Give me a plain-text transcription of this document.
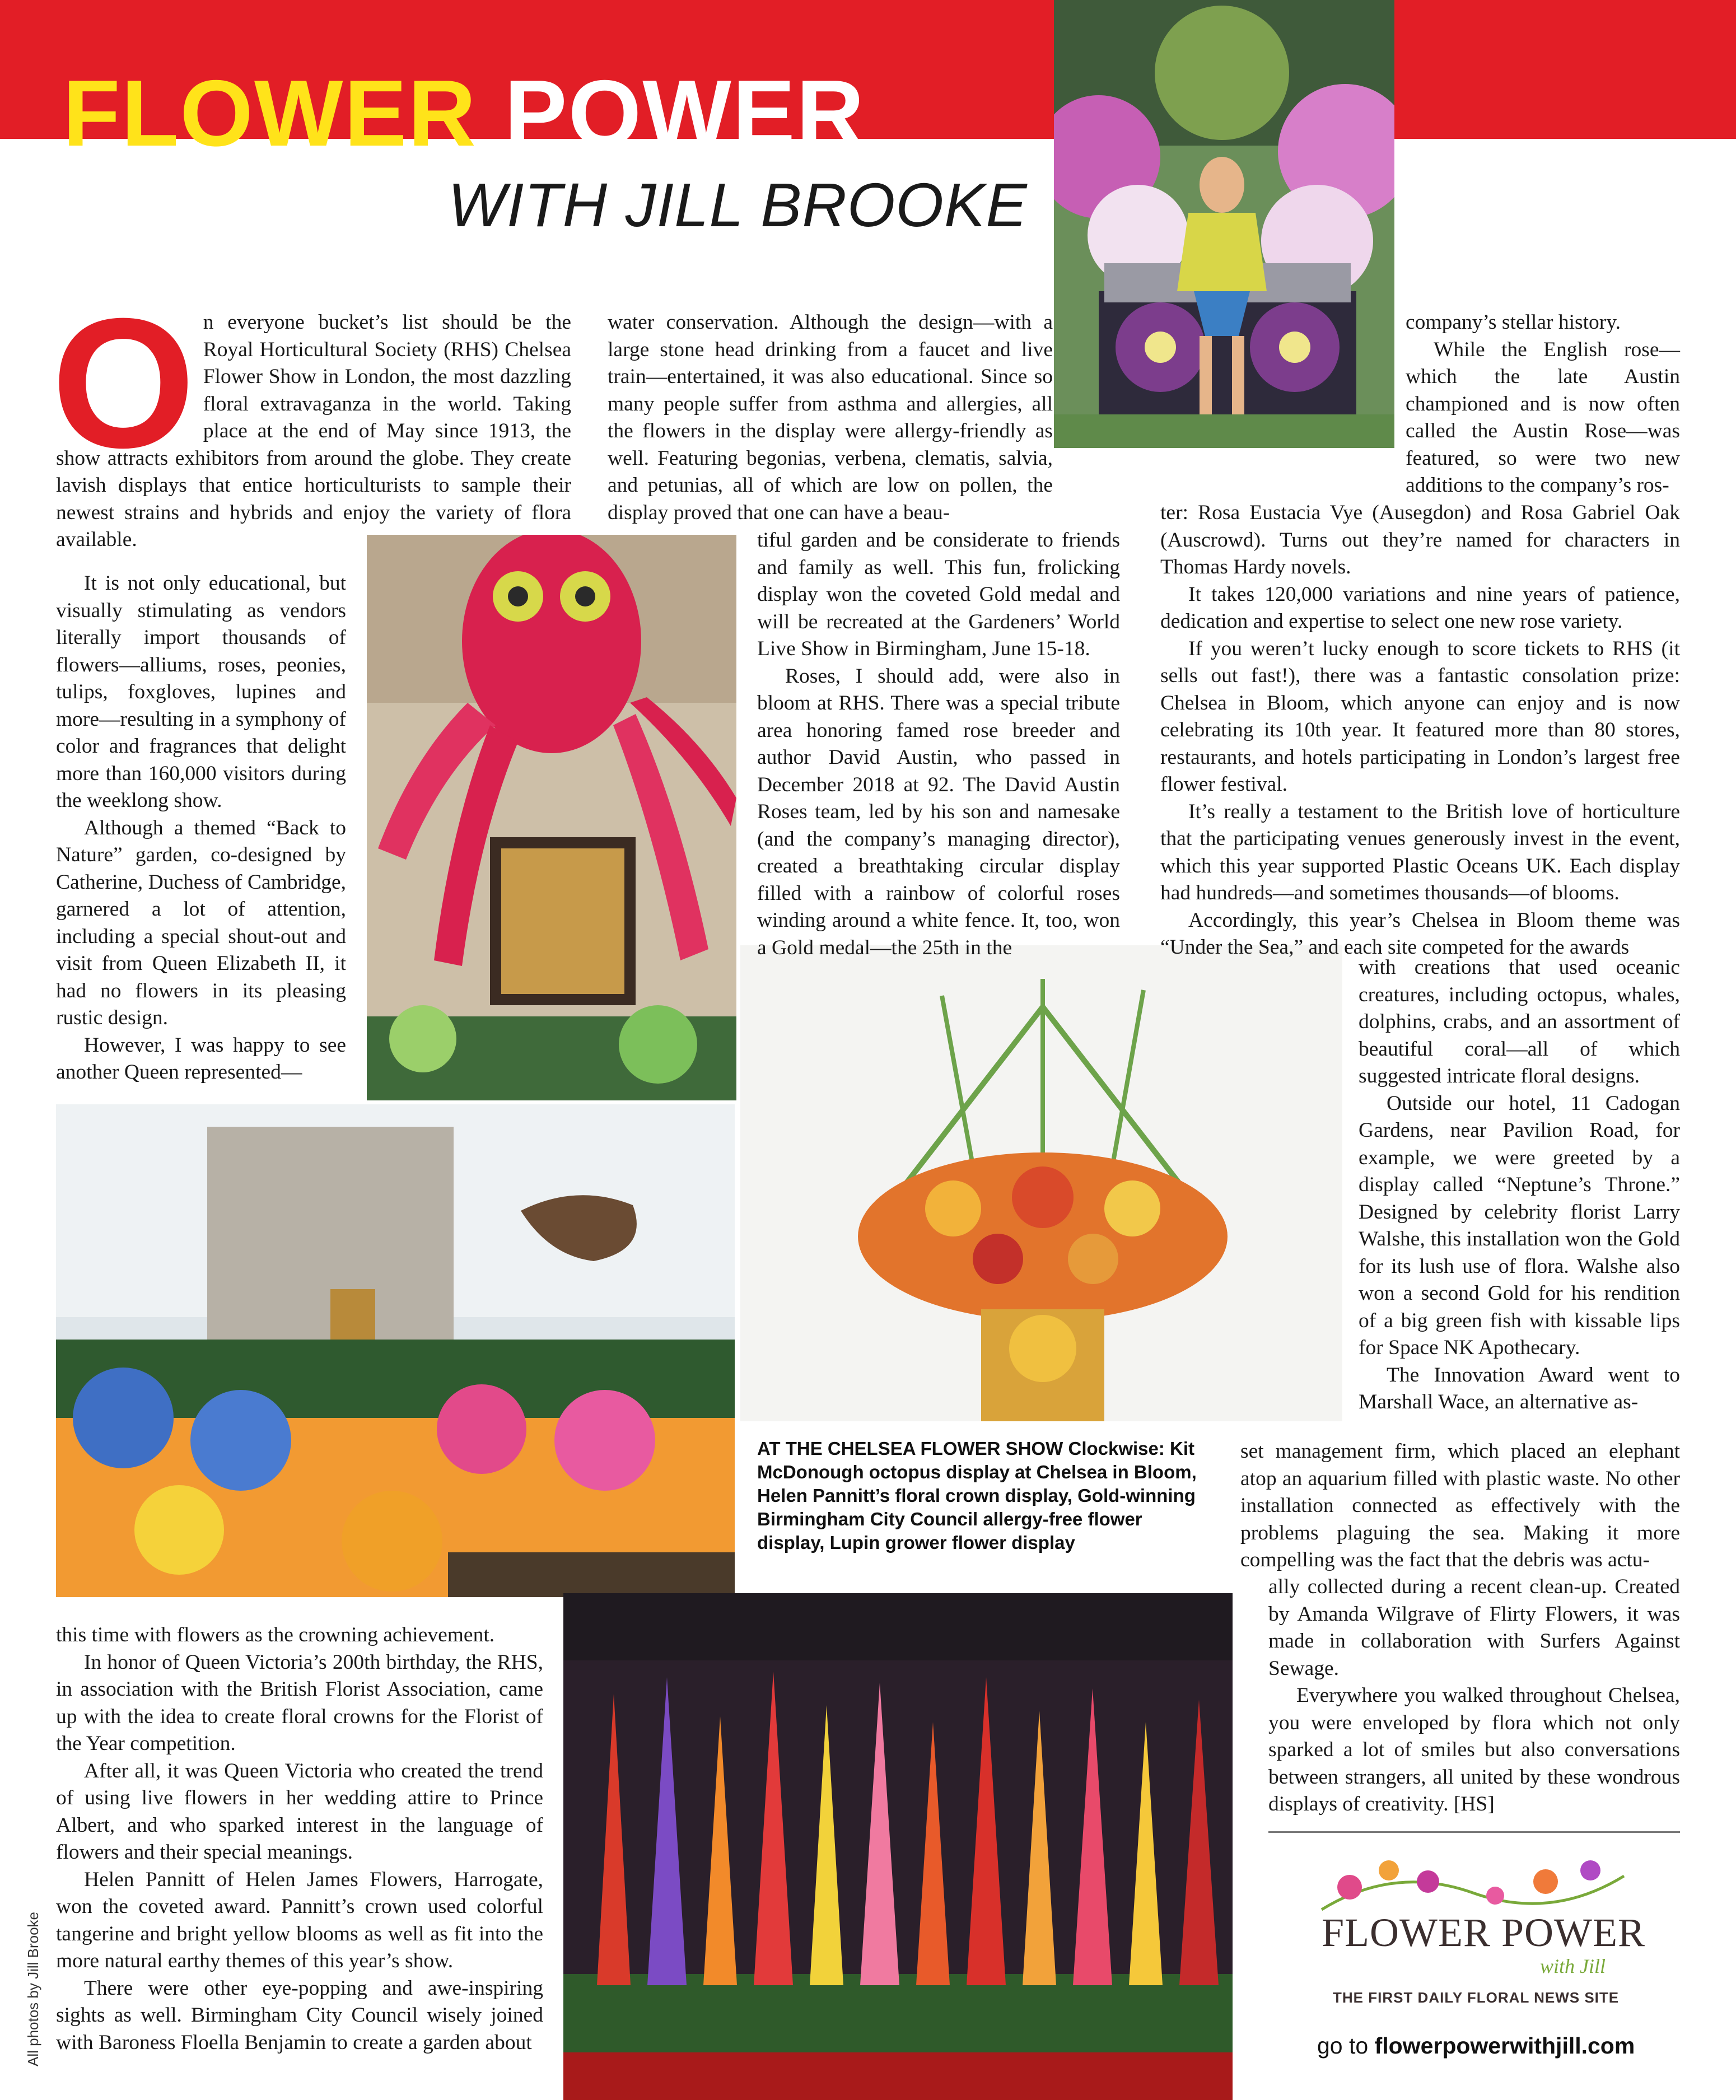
FLOWER POWER
WITH JILL BROOKE

On everyone bucket’s list should be the Royal Horticultural Society (RHS) Chelsea Flower Show in London, the most dazzling floral extravaganza in the world. Taking place at the end of May since 1913, the show attracts exhibitors from around the globe. They create lavish displays that entice horticulturists to sample their newest strains and hybrids and enjoy the variety of flora available.

It is not only educational, but visually stimulating as vendors literally import thousands of flowers—alliums, roses, peonies, tulips, foxgloves, lupines and more—resulting in a symphony of color and fragrances that delight more than 160,000 visitors during the weeklong show.

Although a themed “Back to Nature” garden, co-designed by Catherine, Duchess of Cambridge, garnered a lot of attention, including a special shout-out and visit from Queen Elizabeth II, it had no flowers in its pleasing rustic design.

However, I was happy to see another Queen represented—

this time with flowers as the crowning achievement.

In honor of Queen Victoria’s 200th birthday, the RHS, in association with the British Florist Association, came up with the idea to create floral crowns for the Florist of the Year competition.

After all, it was Queen Victoria who created the trend of using live flowers in her wedding attire to Prince Albert, and who sparked interest in the language of flowers and their special meanings.

Helen Pannitt of Helen James Flowers, Harrogate, won the coveted award. Pannitt’s crown used colorful tangerine and bright yellow blooms as well as fit into the more natural earthy themes of this year’s show.

There were other eye-popping and awe-inspiring sights as well. Birmingham City Council wisely joined with Baroness Floella Benjamin to create a garden about

water conservation. Although the design—with a large stone head drinking from a faucet and live train—entertained, it was also educational. Since so many people suffer from asthma and allergies, all the flowers in the display were allergy-friendly as well. Featuring begonias, verbena, clematis, salvia, and petunias, all of which are low on pollen, the display proved that one can have a beau-

tiful garden and be considerate to friends and family as well. This fun, frolicking display won the coveted Gold medal and will be recreated at the Gardeners’ World Live Show in Birmingham, June 15-18.

Roses, I should add, were also in bloom at RHS. There was a special tribute area honoring famed rose breeder and author David Austin, who passed in December 2018 at 92. The David Austin Roses team, led by his son and namesake (and the company’s managing director), created a breathtaking circular display filled with a rainbow of colorful roses winding around a white fence. It, too, won a Gold medal—the 25th in the

company’s stellar history.

While the English rose—which the late Austin championed and is now often called the Austin Rose—was featured, so were two new additions to the company’s ros-

ter: Rosa Eustacia Vye (Ausegdon) and Rosa Gabriel Oak (Auscrowd). Turns out they’re named for characters in Thomas Hardy novels.

It takes 120,000 variations and nine years of patience, dedication and expertise to select one new rose variety.

If you weren’t lucky enough to score tickets to RHS (it sells out fast!), there was a fantastic consolation prize: Chelsea in Bloom, which anyone can enjoy and is now celebrating its 10th year. It featured more than 80 stores, restaurants, and hotels participating in London’s largest free flower festival.

It’s really a testament to the British love of horticulture that the participating venues generously invest in the event, which this year supported Plastic Oceans UK. Each display had hundreds—and sometimes thousands—of blooms.

Accordingly, this year’s Chelsea in Bloom theme was “Under the Sea,” and each site competed for the awards

with creations that used oceanic creatures, including octopus, whales, dolphins, crabs, and an assortment of beautiful coral—all of which suggested intricate floral designs.

Outside our hotel, 11 Cadogan Gardens, near Pavilion Road, for example, we were greeted by a display called “Neptune’s Throne.” Designed by celebrity florist Larry Walshe, this installation won the Gold for its lush use of flora. Walshe also won a second Gold for his rendition of a big green fish with kissable lips for Space NK Apothecary.

The Innovation Award went to Marshall Wace, an alternative as-

set management firm, which placed an elephant atop an aquarium filled with plastic waste. No other installation connected as effectively with the problems plaguing the sea. Making it more compelling was the fact that the debris was actu-

ally collected during a recent clean-up. Created by Amanda Wilgrave of Flirty Flowers, it was made in collaboration with Surfers Against Sewage.

Everywhere you walked throughout Chelsea, you were enveloped by flora which not only sparked a lot of smiles but also conversations between strangers, all united by these wondrous displays of creativity. [HS]

AT THE CHELSEA FLOWER SHOW Clockwise: Kit McDonough octopus display at Chelsea in Bloom, Helen Pannitt’s floral crown display, Gold-winning Birmingham City Council allergy-free flower display, Lupin grower flower display
FLOWER POWER
with Jill
THE FIRST DAILY FLORAL NEWS SITE
go to flowerpowerwithjill.com
All photos by Jill Brooke
